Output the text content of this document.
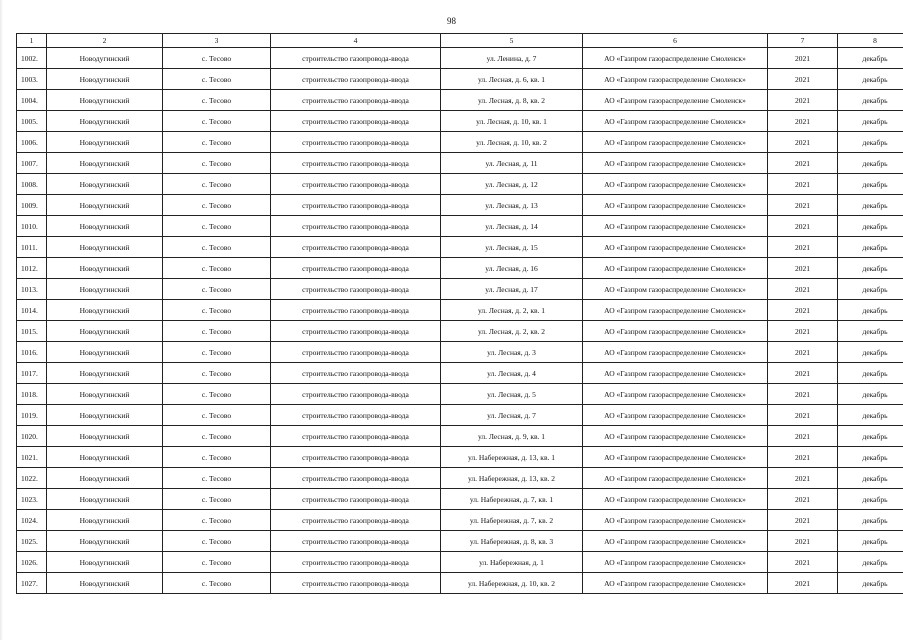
98
1	2	3	4	5	6	7	8
1002.	Новодугинский	с. Тесово	строительство газопровода-ввода	ул. Ленина, д. 7	АО «Газпром газораспределение Смоленск»	2021	декабрь
1003.	Новодугинский	с. Тесово	строительство газопровода-ввода	ул. Лесная, д. 6, кв. 1	АО «Газпром газораспределение Смоленск»	2021	декабрь
1004.	Новодугинский	с. Тесово	строительство газопровода-ввода	ул. Лесная, д. 8, кв. 2	АО «Газпром газораспределение Смоленск»	2021	декабрь
1005.	Новодугинский	с. Тесово	строительство газопровода-ввода	ул. Лесная, д. 10, кв. 1	АО «Газпром газораспределение Смоленск»	2021	декабрь
1006.	Новодугинский	с. Тесово	строительство газопровода-ввода	ул. Лесная, д. 10, кв. 2	АО «Газпром газораспределение Смоленск»	2021	декабрь
1007.	Новодугинский	с. Тесово	строительство газопровода-ввода	ул. Лесная, д. 11	АО «Газпром газораспределение Смоленск»	2021	декабрь
1008.	Новодугинский	с. Тесово	строительство газопровода-ввода	ул. Лесная, д. 12	АО «Газпром газораспределение Смоленск»	2021	декабрь
1009.	Новодугинский	с. Тесово	строительство газопровода-ввода	ул. Лесная, д. 13	АО «Газпром газораспределение Смоленск»	2021	декабрь
1010.	Новодугинский	с. Тесово	строительство газопровода-ввода	ул. Лесная, д. 14	АО «Газпром газораспределение Смоленск»	2021	декабрь
1011.	Новодугинский	с. Тесово	строительство газопровода-ввода	ул. Лесная, д. 15	АО «Газпром газораспределение Смоленск»	2021	декабрь
1012.	Новодугинский	с. Тесово	строительство газопровода-ввода	ул. Лесная, д. 16	АО «Газпром газораспределение Смоленск»	2021	декабрь
1013.	Новодугинский	с. Тесово	строительство газопровода-ввода	ул. Лесная, д. 17	АО «Газпром газораспределение Смоленск»	2021	декабрь
1014.	Новодугинский	с. Тесово	строительство газопровода-ввода	ул. Лесная, д. 2, кв. 1	АО «Газпром газораспределение Смоленск»	2021	декабрь
1015.	Новодугинский	с. Тесово	строительство газопровода-ввода	ул. Лесная, д. 2, кв. 2	АО «Газпром газораспределение Смоленск»	2021	декабрь
1016.	Новодугинский	с. Тесово	строительство газопровода-ввода	ул. Лесная, д. 3	АО «Газпром газораспределение Смоленск»	2021	декабрь
1017.	Новодугинский	с. Тесово	строительство газопровода-ввода	ул. Лесная, д. 4	АО «Газпром газораспределение Смоленск»	2021	декабрь
1018.	Новодугинский	с. Тесово	строительство газопровода-ввода	ул. Лесная, д. 5	АО «Газпром газораспределение Смоленск»	2021	декабрь
1019.	Новодугинский	с. Тесово	строительство газопровода-ввода	ул. Лесная, д. 7	АО «Газпром газораспределение Смоленск»	2021	декабрь
1020.	Новодугинский	с. Тесово	строительство газопровода-ввода	ул. Лесная, д. 9, кв. 1	АО «Газпром газораспределение Смоленск»	2021	декабрь
1021.	Новодугинский	с. Тесово	строительство газопровода-ввода	ул. Набережная, д. 13, кв. 1	АО «Газпром газораспределение Смоленск»	2021	декабрь
1022.	Новодугинский	с. Тесово	строительство газопровода-ввода	ул. Набережная, д. 13, кв. 2	АО «Газпром газораспределение Смоленск»	2021	декабрь
1023.	Новодугинский	с. Тесово	строительство газопровода-ввода	ул. Набережная, д. 7, кв. 1	АО «Газпром газораспределение Смоленск»	2021	декабрь
1024.	Новодугинский	с. Тесово	строительство газопровода-ввода	ул. Набережная, д. 7, кв. 2	АО «Газпром газораспределение Смоленск»	2021	декабрь
1025.	Новодугинский	с. Тесово	строительство газопровода-ввода	ул. Набережная, д. 8, кв. 3	АО «Газпром газораспределение Смоленск»	2021	декабрь
1026.	Новодугинский	с. Тесово	строительство газопровода-ввода	ул. Набережная, д. 1	АО «Газпром газораспределение Смоленск»	2021	декабрь
1027.	Новодугинский	с. Тесово	строительство газопровода-ввода	ул. Набережная, д. 10, кв. 2	АО «Газпром газораспределение Смоленск»	2021	декабрь
